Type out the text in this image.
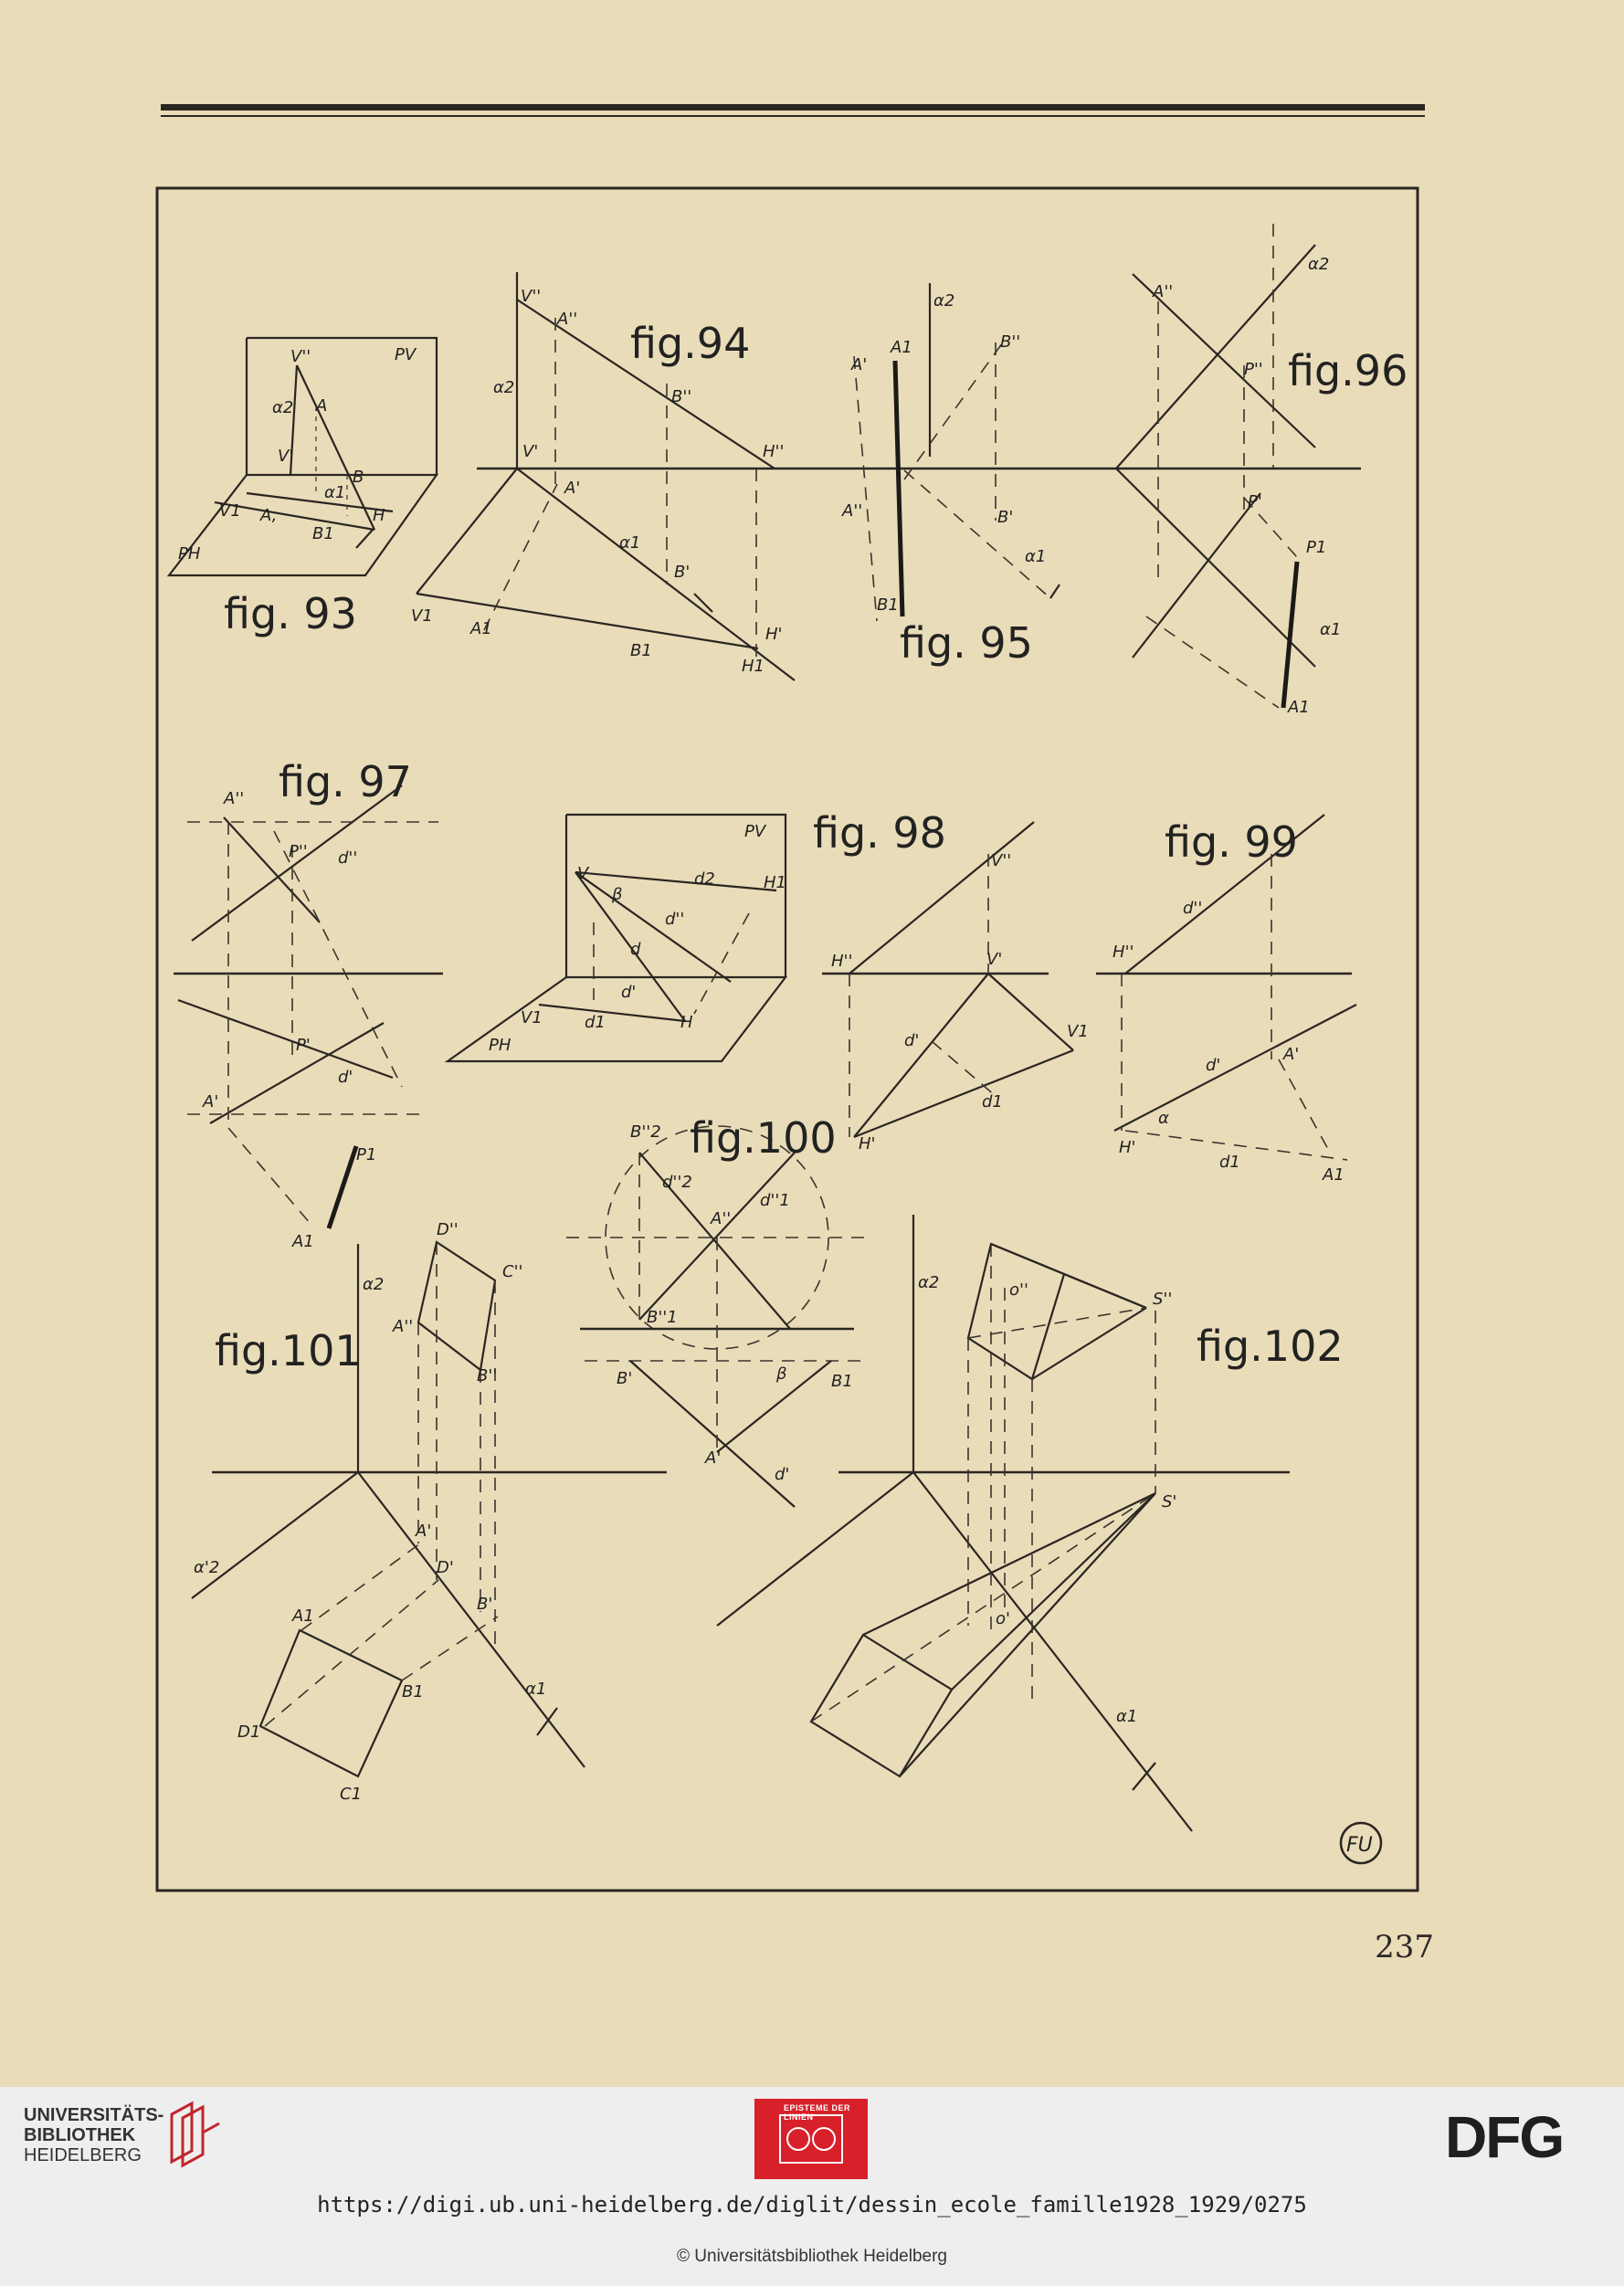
PV
PH
V''
α2 A
V'
B
α1
A,
V1
B1
H
fig. 93
V''
A''
α2	B''
H''
V'
A'
α1
B'
V1
A1
B1
H'
H1
fig.94
α2
A1	B''
A''
A'
B'
α1
B1
fig. 95
α2
A''
P''
P'
P1
α1
A1
fig.96
A''
P'' d''
P'
d'
A'
P1
A1
fig. 97
PV
V
β
d2	H1
d''
d
d'
d1
V1
PH
H
V''
H''	V'
V1
d'
d1
H'
fig. 98
d''
H''
d'
A'
α
H'
d1
A1
fig. 99
B''2
d''2
d''1
A''
B''1
B'	β	B1
A'
d'
fig.100
α2
D''
C''
A''
B''
α'2
A'
D'
B'
A1
B1
D1
C1
α1
fig.101
α2	o''	S''
S'
o'
α1
fig.102
FU
237
UNIVERSITÄTS-
BIBLIOTHEK
HEIDELBERG
EPISTEME DER LINIEN	DFG
https://digi.ub.uni-heidelberg.de/diglit/dessin_ecole_famille1928_1929/0275
© Universitätsbibliothek Heidelberg
